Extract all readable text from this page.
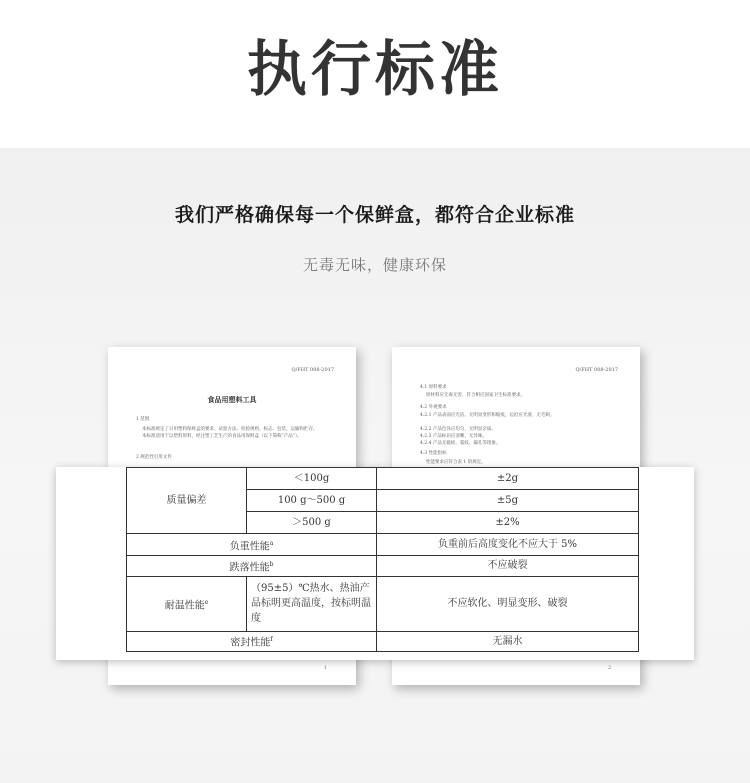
执行标准
我们严格确保每一个保鲜盒，都符合企业标准
无毒无味，健康环保
Q/FHT 008-2017
食品用塑料工具
1 范围
本标准规定了日用塑料保鲜盒的要求、试验方法、检验规则、标志、包装、运输和贮存。
本标准适用于以塑料原料，经注塑工艺生产的食品用保鲜盒（以下简称“产品”）。
2 规范性引用文件
1
Q/FHT 008-2017
4.1 原料要求
原材料应无毒无害，符合相应国家卫生标准要求。
4.2 外观要求
4.2.1 产品表面应光洁、无明显变形和缩痕，边沿应光滑，无毛刺。
4.2.2 产品色泽应均匀，无明显杂质。
4.2.3 产品标识应清晰、无异味。
4.2.4 产品无破损、裂纹、漏孔等现象。
4.3 性能指标
性能要求应符合表 1 的规定。
2
质量偏差	＜100g	±2g
	100 g～500 g	±5g
	＞500 g	±2%
负重性能$^a$		负重前后高度变化不应大于 5%
跌落性能$^b$		不应破裂
耐温性能$^e$	（95±5）℃热水、热油产品标明更高温度，按标明温度	不应软化、明显变形、破裂
密封性能$^f$		无漏水
